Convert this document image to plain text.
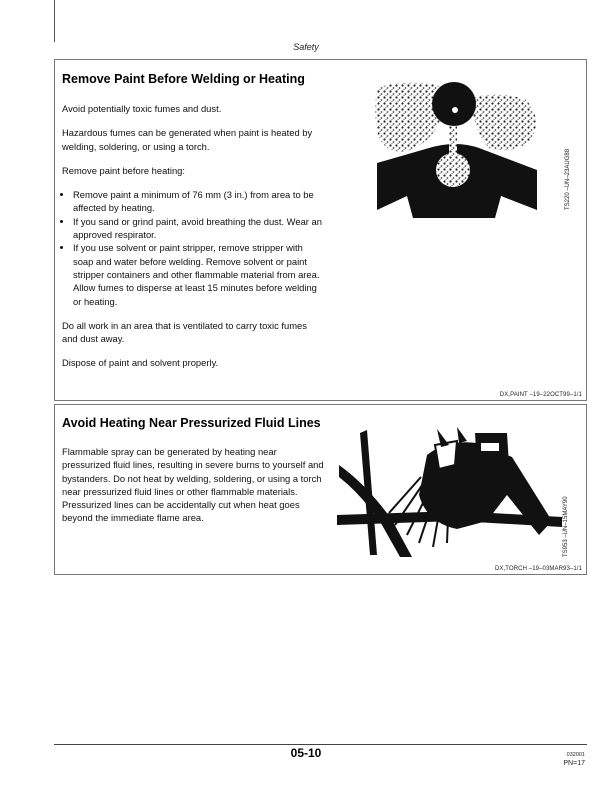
Safety
Remove Paint Before Welding or Heating

Avoid potentially toxic fumes and dust.

Hazardous fumes can be generated when paint is heated by welding, soldering, or using a torch.

Remove paint before heating:

• Remove paint a minimum of 76 mm (3 in.) from area to be affected by heating.
• If you sand or grind paint, avoid breathing the dust. Wear an approved respirator.
• If you use solvent or paint stripper, remove stripper with soap and water before welding. Remove solvent or paint stripper containers and other flammable material from area. Allow fumes to disperse at least 15 minutes before welding or heating.

Do all work in an area that is ventilated to carry toxic fumes and dust away.

Dispose of paint and solvent properly.

TS220 –UN–23AUG88
DX,PAINT –19–22OCT99–1/1
Avoid Heating Near Pressurized Fluid Lines

Flammable spray can be generated by heating near pressurized fluid lines, resulting in severe burns to yourself and bystanders. Do not heat by welding, soldering, or using a torch near pressurized fluid lines or other flammable materials. Pressurized lines can be accidentally cut when heat goes beyond the immediate flame area.	TS953 –UN–15MAY90
DX,TORCH –19–03MAR93–1/1
05-10	032001
PN=17
